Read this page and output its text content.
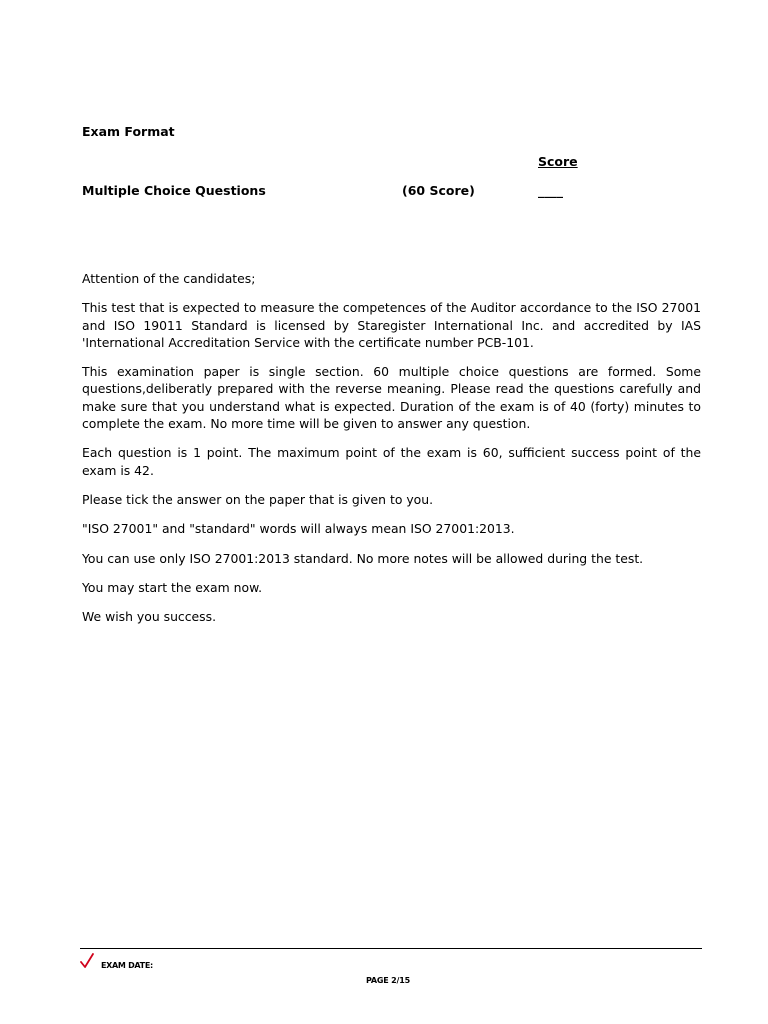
Exam Format
Score
Multiple Choice Questions	(60 Score)	____

Attention of the candidates;

This test that is expected to measure the competences of the Auditor accordance to the ISO 27001 and ISO 19011 Standard is licensed by Staregister International Inc. and accredited by IAS 'International Accreditation Service with the certificate number PCB-101.

This examination paper is single section. 60 multiple choice questions are formed. Some questions,deliberatly prepared with the reverse meaning. Please read the questions carefully and make sure that you understand what is expected. Duration of the exam is of 40 (forty) minutes to complete the exam. No more time will be given to answer any question.

Each question is 1 point. The maximum point of the exam is 60, sufficient success point of the exam is 42.

Please tick the answer on the paper that is given to you.

"ISO 27001" and "standard" words will always mean ISO 27001:2013.

You can use only ISO 27001:2013 standard. No more notes will be allowed during the test.

You may start the exam now.

We wish you success.

EXAM DATE:
PAGE 2/15
